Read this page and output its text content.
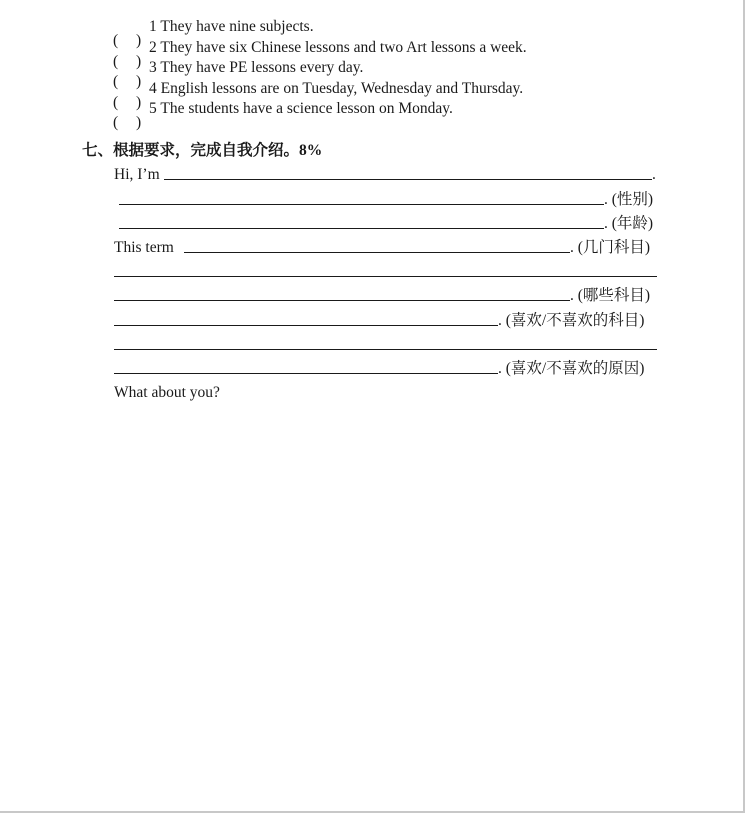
( )
1 They have nine subjects.
( )
2 They have six Chinese lessons and two Art lessons a week.
( )
3 They have PE lessons every day.
( )
4 English lessons are on Tuesday, Wednesday and Thursday.
( )
5 The students have a science lesson on Monday.
七、根据要求，完成自我介绍。8%
Hi, I’m	.
. (性别)
. (年龄)
This term	. (几门科目)
. (哪些科目)
. (喜欢/不喜欢的科目)
. (喜欢/不喜欢的原因)
What about you?
